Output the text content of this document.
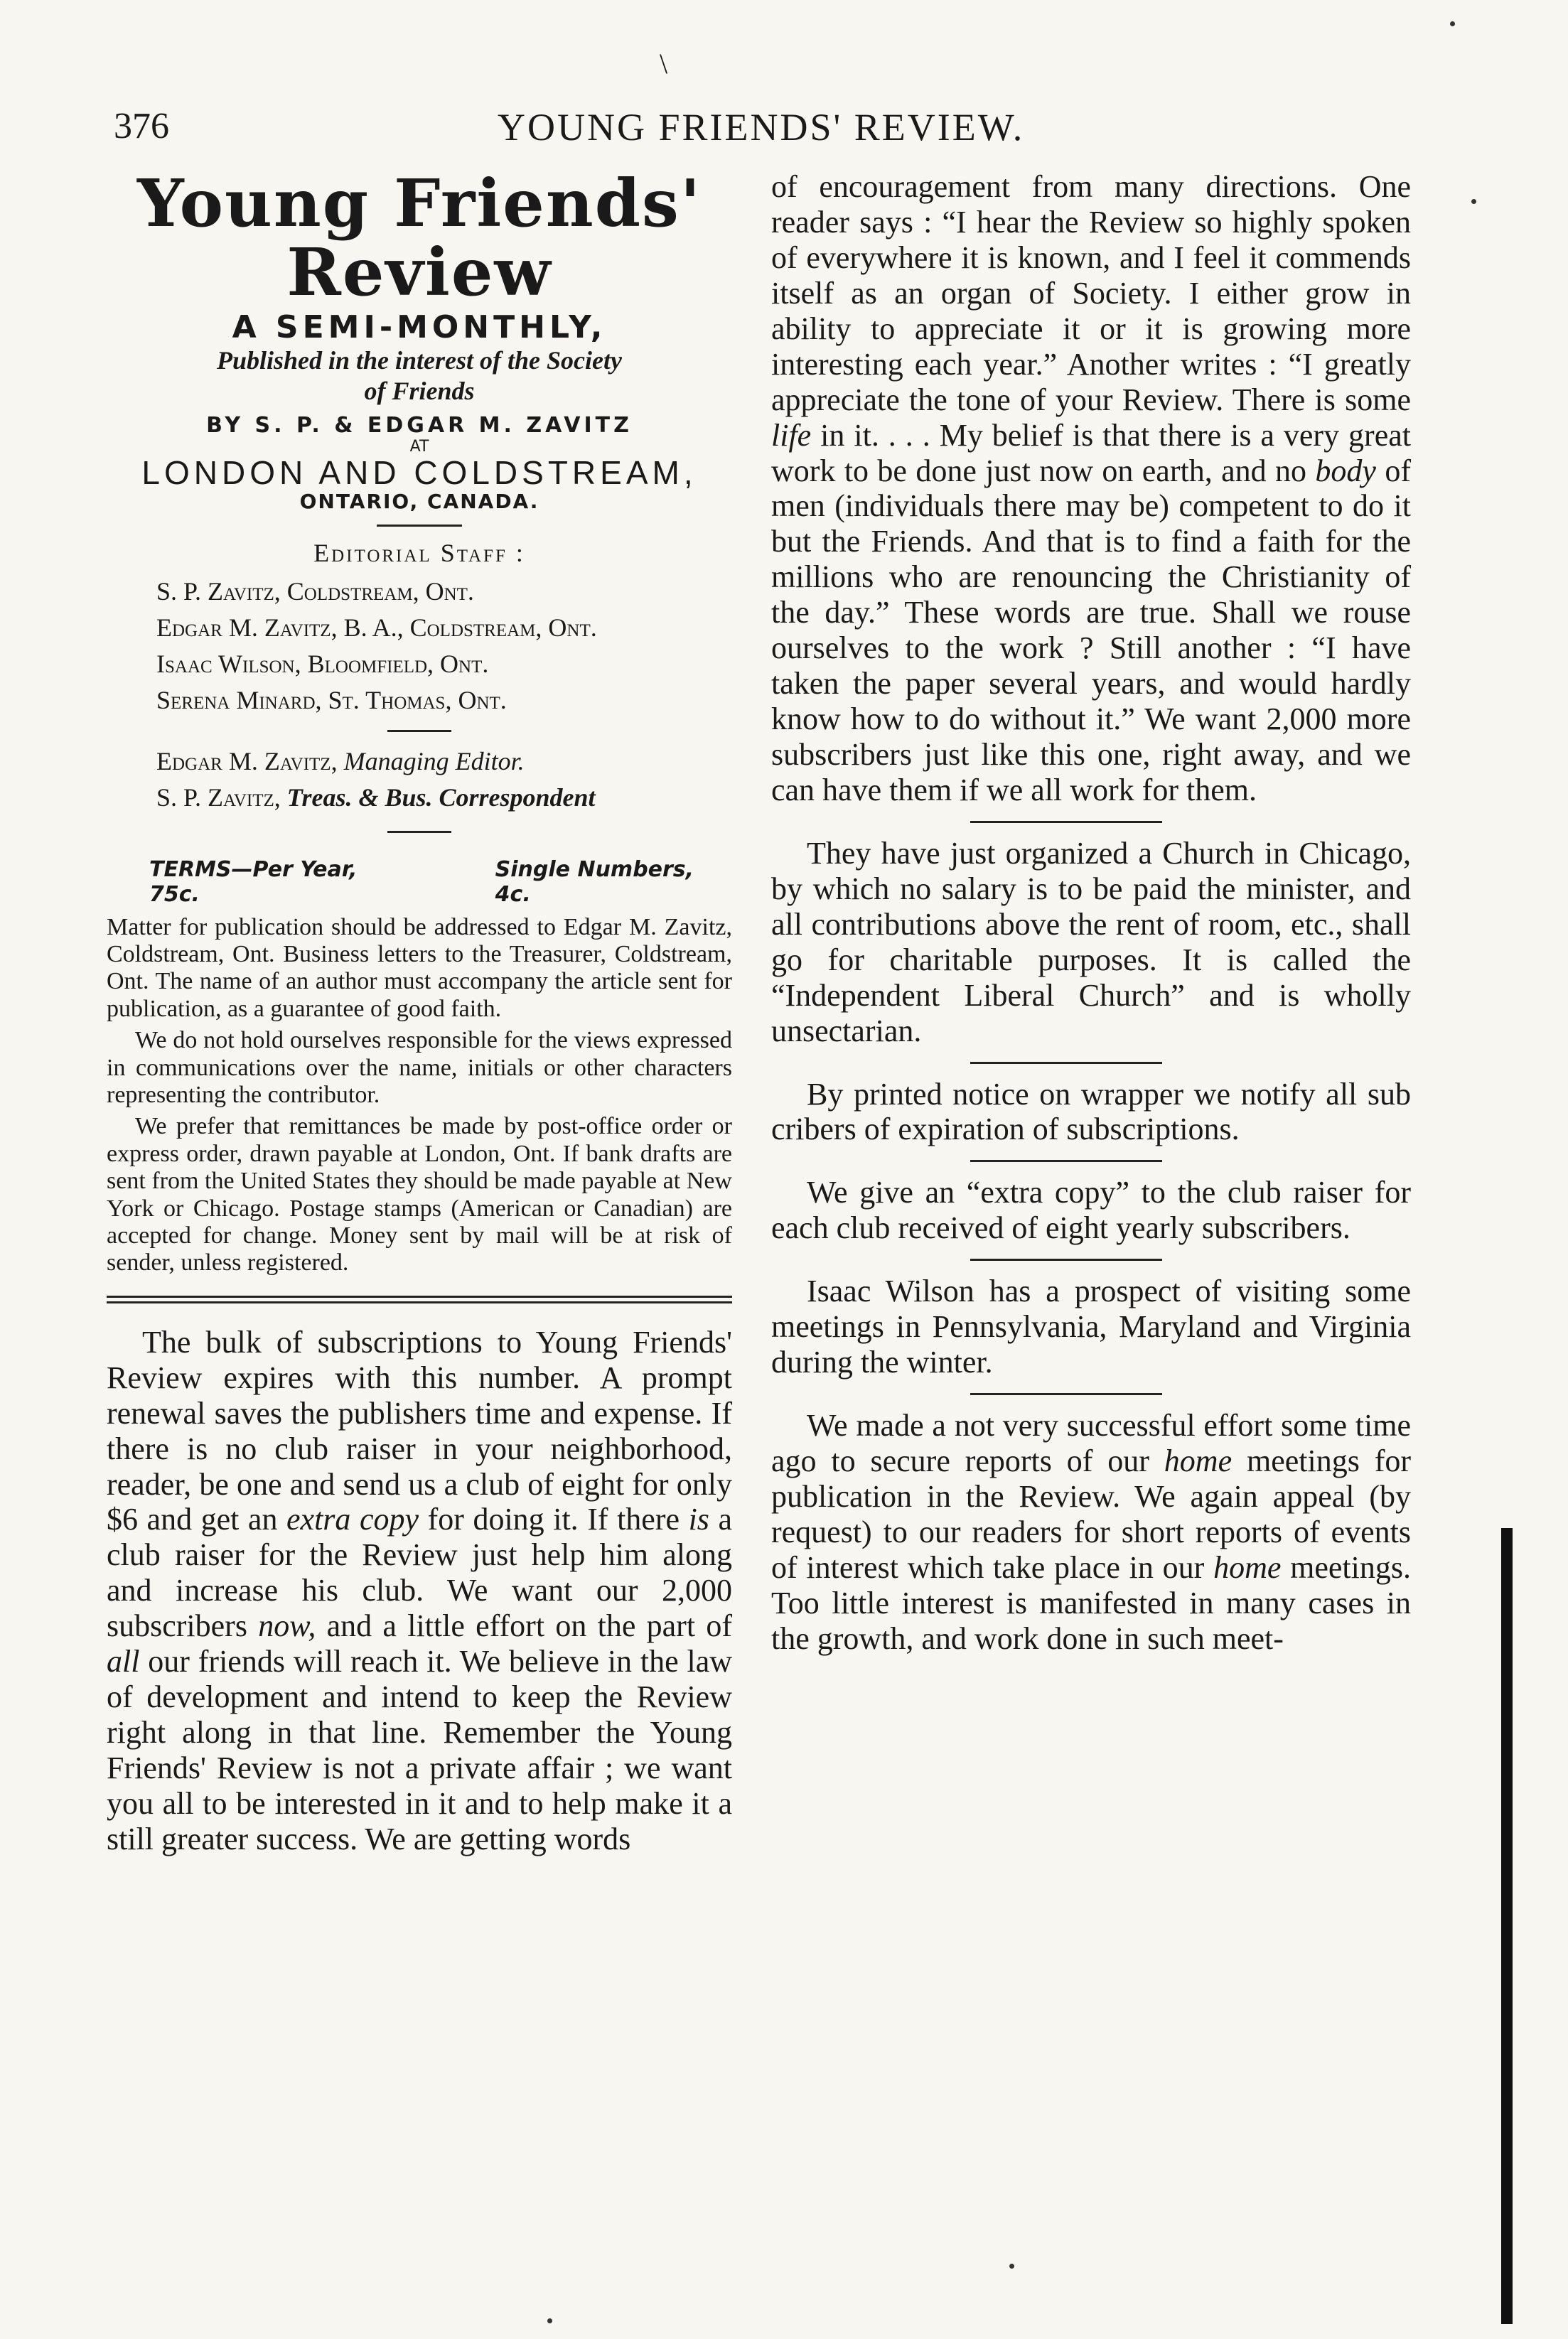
\
376	YOUNG FRIENDS' REVIEW.
Young Friends' Review
A SEMI-MONTHLY,
Published in the interest of the Society
of Friends
BY S. P. & EDGAR M. ZAVITZ
AT
LONDON AND COLDSTREAM,
ONTARIO, CANADA.
Editorial Staff :
S. P. Zavitz, Coldstream, Ont.
Edgar M. Zavitz, B. A., Coldstream, Ont.
Isaac Wilson, Bloomfield, Ont.
Serena Minard, St. Thomas, Ont.
Edgar M. Zavitz, Managing Editor.
S. P. Zavitz, Treas. & Bus. Correspondent
TERMS—Per Year, 75c.
Single Numbers, 4c.

Matter for publication should be addressed to Edgar M. Zavitz, Coldstream, Ont. Business letters to the Treasurer, Coldstream, Ont. The name of an author must accompany the article sent for publication, as a guarantee of good faith.

We do not hold ourselves responsible for the views expressed in communications over the name, initials or other characters representing the contributor.

We prefer that remittances be made by post-office order or express order, drawn payable at London, Ont. If bank drafts are sent from the United States they should be made payable at New York or Chicago. Postage stamps (American or Canadian) are accepted for change. Money sent by mail will be at risk of sender, unless registered.

The bulk of subscriptions to Young Friends' Review expires with this number. A prompt renewal saves the publishers time and expense. If there is no club raiser in your neighborhood, reader, be one and send us a club of eight for only $6 and get an extra copy for doing it. If there is a club raiser for the Review just help him along and increase his club. We want our 2,000 subscribers now, and a little effort on the part of all our friends will reach it. We believe in the law of development and intend to keep the Review right along in that line. Remember the Young Friends' Review is not a private affair ; we want you all to be interested in it and to help make it a still greater success. We are getting words

of encouragement from many directions. One reader says : “I hear the Review so highly spoken of everywhere it is known, and I feel it commends itself as an organ of Society. I either grow in ability to appreciate it or it is growing more interesting each year.” Another writes : “I greatly appreciate the tone of your Review. There is some life in it. . . . My belief is that there is a very great work to be done just now on earth, and no body of men (individuals there may be) competent to do it but the Friends. And that is to find a faith for the millions who are renouncing the Christianity of the day.” These words are true. Shall we rouse ourselves to the work ? Still another : “I have taken the paper several years, and would hardly know how to do without it.” We want 2,000 more subscribers just like this one, right away, and we can have them if we all work for them.

They have just organized a Church in Chicago, by which no salary is to be paid the minister, and all contributions above the rent of room, etc., shall go for charitable purposes. It is called the “Independent Liberal Church” and is wholly unsectarian.

By printed notice on wrapper we notify all sub cribers of expiration of subscriptions.

We give an “extra copy” to the club raiser for each club received of eight yearly subscribers.

Isaac Wilson has a prospect of visiting some meetings in Pennsylvania, Maryland and Virginia during the winter.

We made a not very successful effort some time ago to secure reports of our home meetings for publication in the Review. We again appeal (by request) to our readers for short reports of events of interest which take place in our home meetings. Too little interest is manifested in many cases in the growth, and work done in such meet-
